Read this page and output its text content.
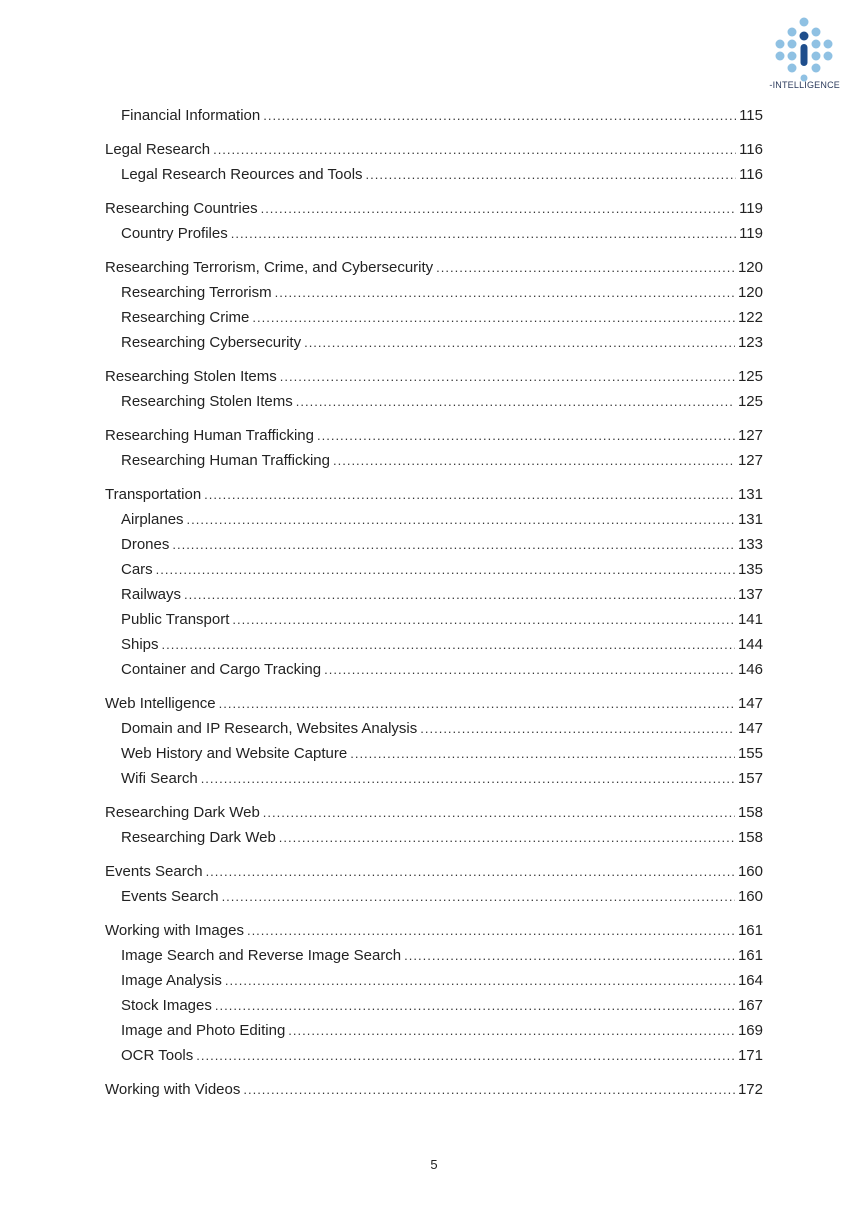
-INTELLIGENCE
Financial Information .....	115
Legal Research .....	116
Legal Research Reources and Tools .....	116
Researching Countries .....	119
Country Profiles .....	119
Researching Terrorism, Crime, and Cybersecurity .....	120
Researching Terrorism .....	120
Researching Crime .....	122
Researching Cybersecurity .....	123
Researching Stolen Items .....	125
Researching Stolen Items .....	125
Researching Human Trafficking .....	127
Researching Human Trafficking .....	127
Transportation .....	131
Airplanes .....	131
Drones .....	133
Cars .....	135
Railways .....	137
Public Transport .....	141
Ships .....	144
Container and Cargo Tracking .....	146
Web Intelligence .....	147
Domain and IP Research, Websites Analysis .....	147
Web History and Website Capture .....	155
Wifi Search .....	157
Researching Dark Web .....	158
Researching Dark Web .....	158
Events Search .....	160
Events Search .....	160
Working with Images .....	161
Image Search and Reverse Image Search .....	161
Image Analysis .....	164
Stock Images .....	167
Image and Photo Editing .....	169
OCR Tools .....	171
Working with Videos .....	172
5
